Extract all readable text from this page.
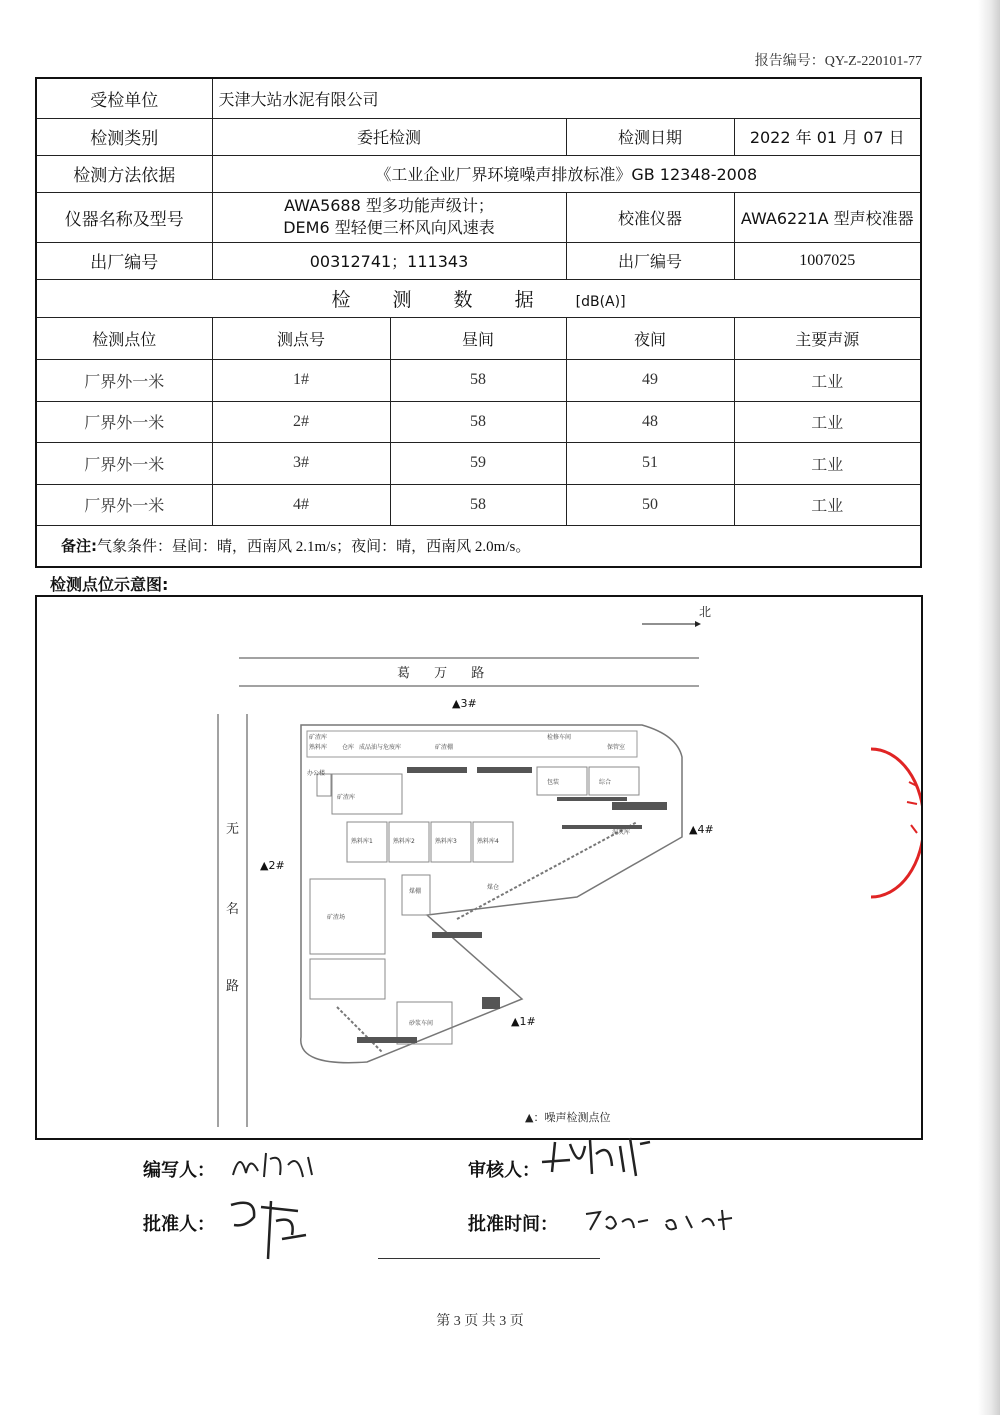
报告编号：QY-Z-220101-77
受检单位	天津大站水泥有限公司			
检测类别	委托检测		检测日期	2022 年 01 月 07 日
检测方法依据	《工业企业厂界环境噪声排放标准》GB 12348-2008			
仪器名称及型号	AWA5688 型多功能声级计；
DEM6 型轻便三杯风向风速表		校准仪器	AWA6221A 型声校准器
出厂编号	00312741；111343		出厂编号	1007025
检 测 数 据 [dB(A)]				
检测点位	测点号	昼间	夜间	主要声源
厂界外一米	1#	58	49	工业
厂界外一米	2#	58	48	工业
厂界外一米	3#	59	51	工业
厂界外一米	4#	58	50	工业
备注:气象条件：昼间：晴，西南风 2.1m/s；夜间：晴，西南风 2.0m/s。				
检测点位示意图:
北
葛 万 路
无
名
路
矿渣库
熟料库 仓库 成品油与危废库	矿渣棚
熟料库1	熟料库2	熟料库3	熟料库4
矿渣库
煤棚
矿渣场
办公楼
包装	综合
泥灰库
砂浆车间
煤仓
检修车间
保管室
▲3#
▲2#
▲4#
▲1#
▲：噪声检测点位
编写人：	审核人：
批准人：	批准时间：
第 3 页 共 3 页
